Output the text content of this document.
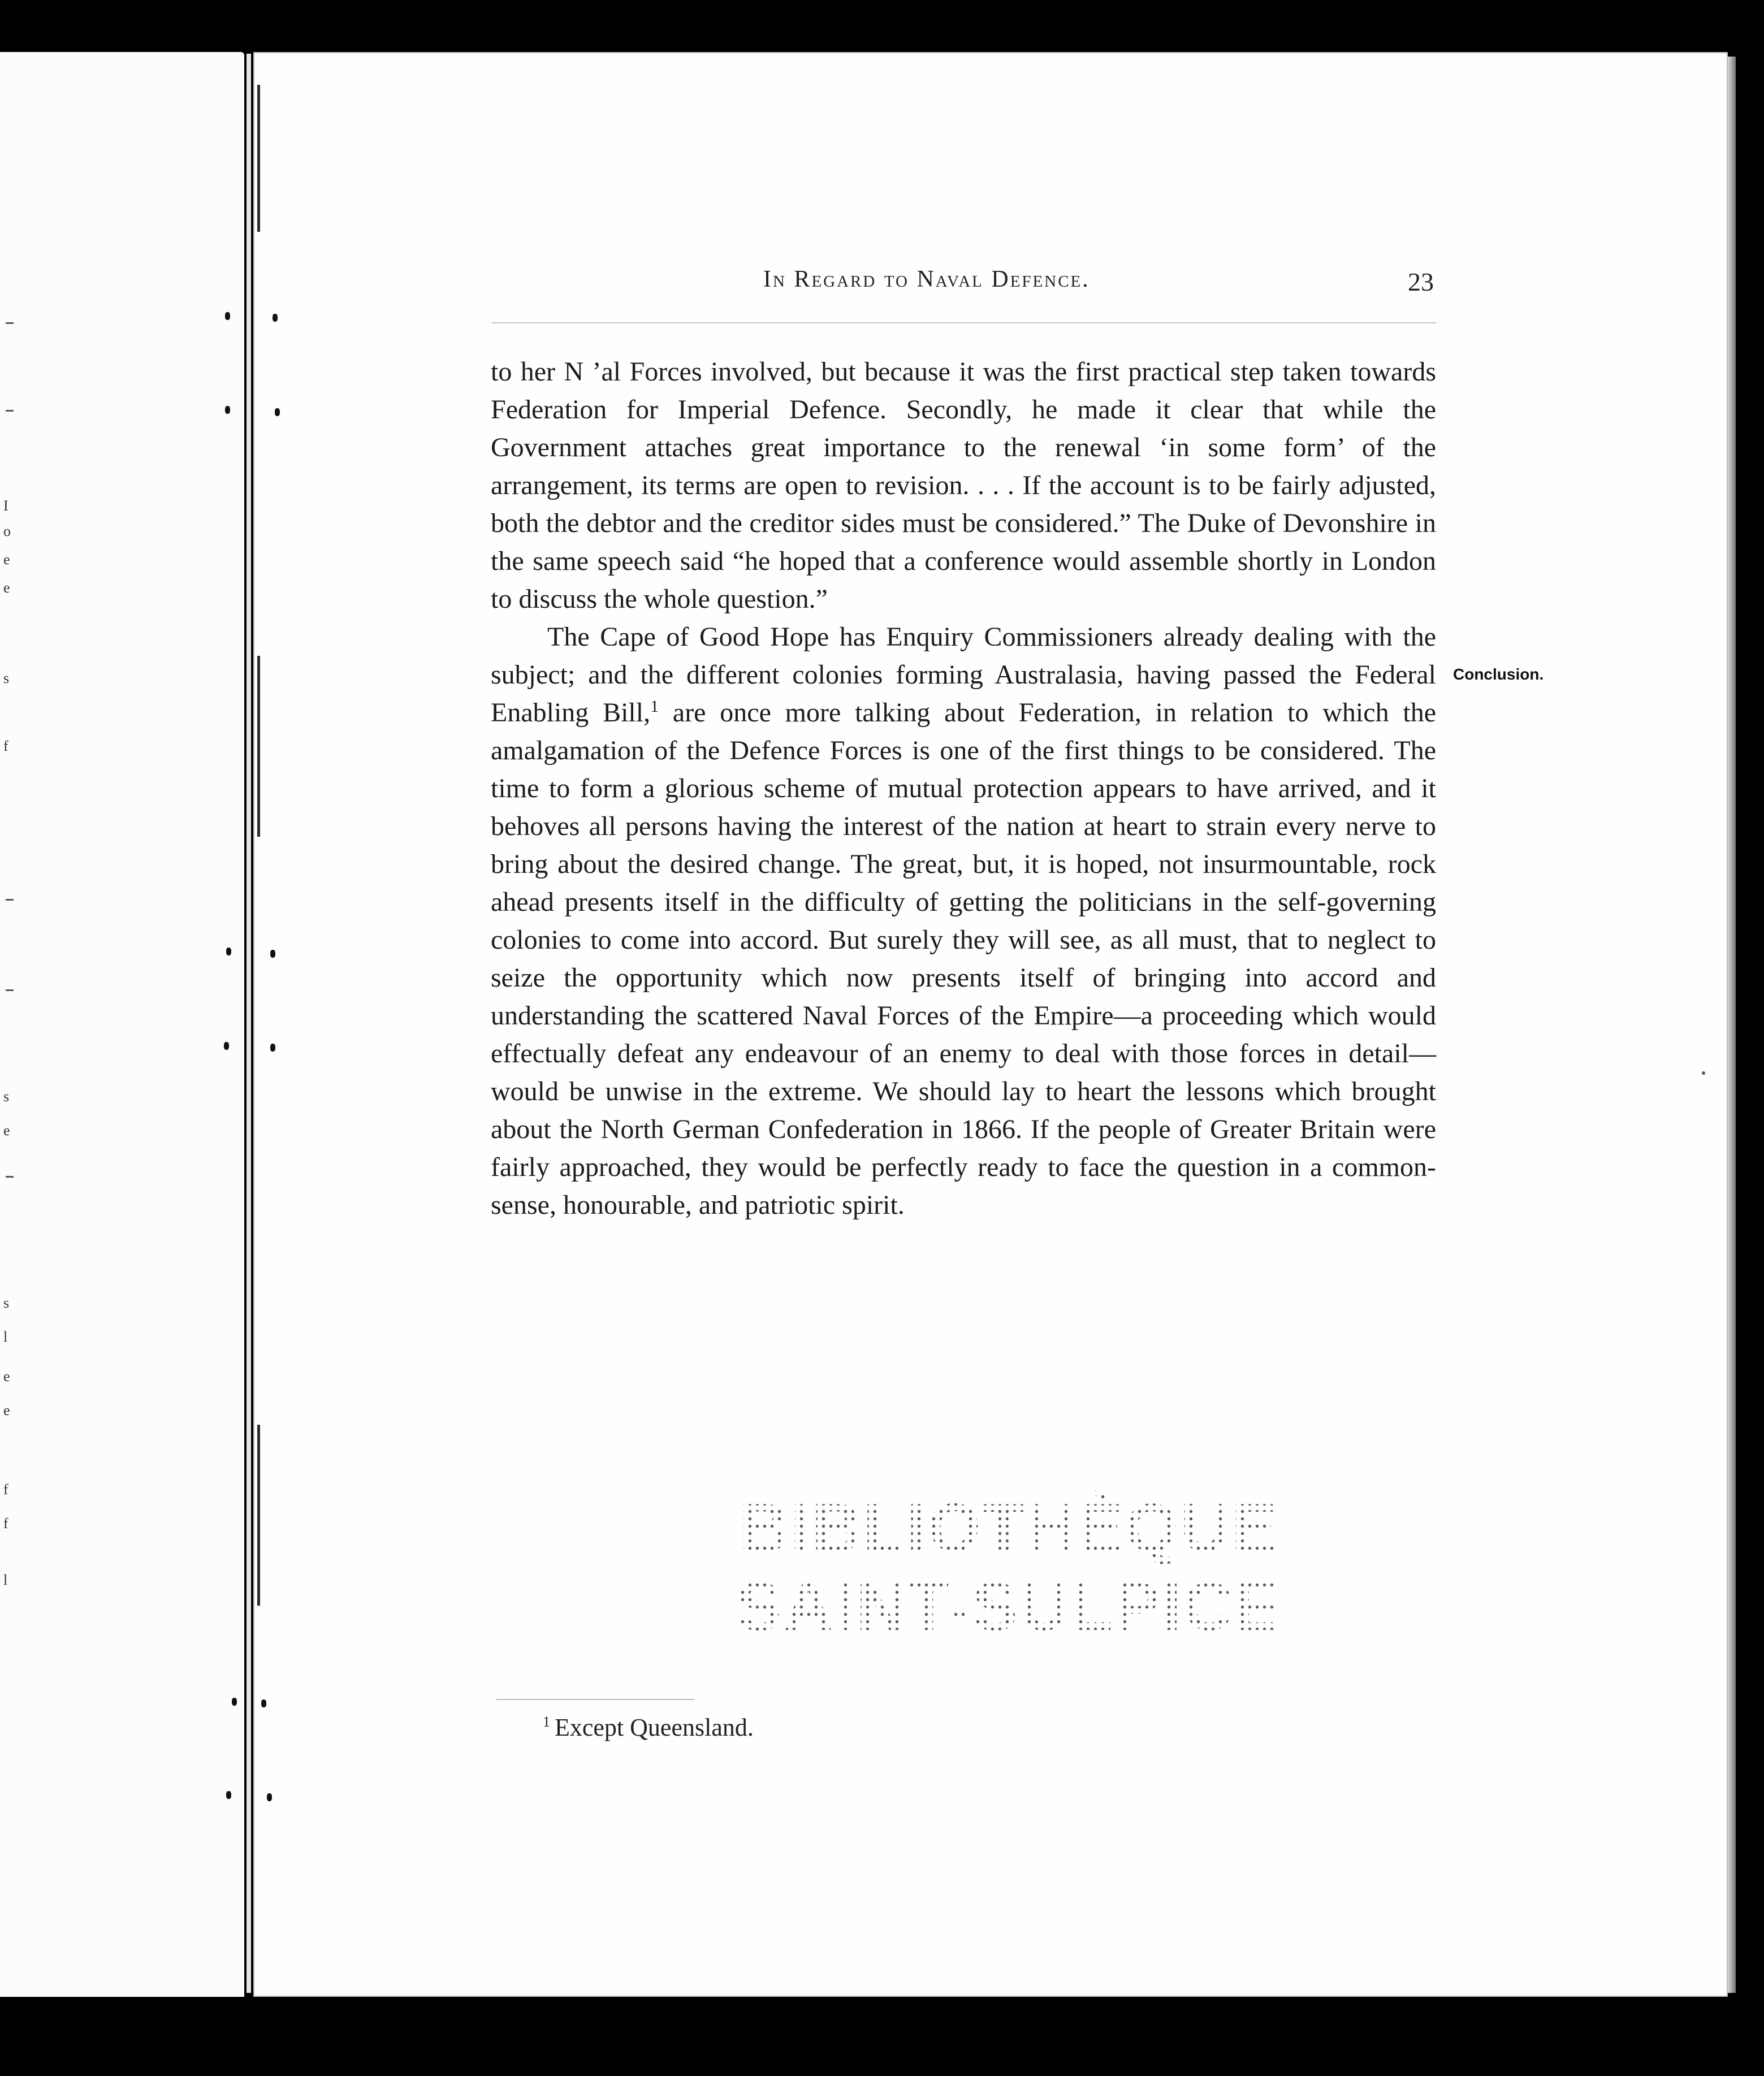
I
o
e
e
s
f
s
e
s
l
e
e
f
f
l
In Regard to Naval Defence.	23

to her N ’al Forces involved, but because it was the first practical step taken towards Federation for Imperial Defence. Secondly, he made it clear that while the Government attaches great importance to the renewal ‘in some form’ of the arrangement, its terms are open to revision. . . . If the account is to be fairly adjusted, both the debtor and the creditor sides must be considered.” The Duke of Devonshire in the same speech said “he hoped that a conference would assemble shortly in London to discuss the whole question.”

The Cape of Good Hope has Enquiry Commissioners already dealing with the subject; and the different colonies forming Australasia, having passed the Federal Enabling Bill,$^1$ are once more talking about Federation, in relation to which the amalgamation of the Defence Forces is one of the first things to be considered. The time to form a glorious scheme of mutual protection appears to have arrived, and it behoves all persons having the interest of the nation at heart to strain every nerve to bring about the desired change. The great, but, it is hoped, not insurmountable, rock ahead presents itself in the difficulty of getting the politicians in the self-governing colonies to come into accord. But surely they will see, as all must, that to neglect to seize the opportunity which now presents itself of bringing into accord and understanding the scattered Naval Forces of the Empire—a proceeding which would effectually defeat any endeavour of an enemy to deal with those forces in detail—would be unwise in the extreme. We should lay to heart the lessons which brought about the North German Confederation in 1866. If the people of Greater Britain were fairly approached, they would be perfectly ready to face the question in a common-sense, honourable, and patriotic spirit.

Conclusion.
BIBLIOTHÈQUE
SAINT-SULPICE
$^1$ Except Queensland.
